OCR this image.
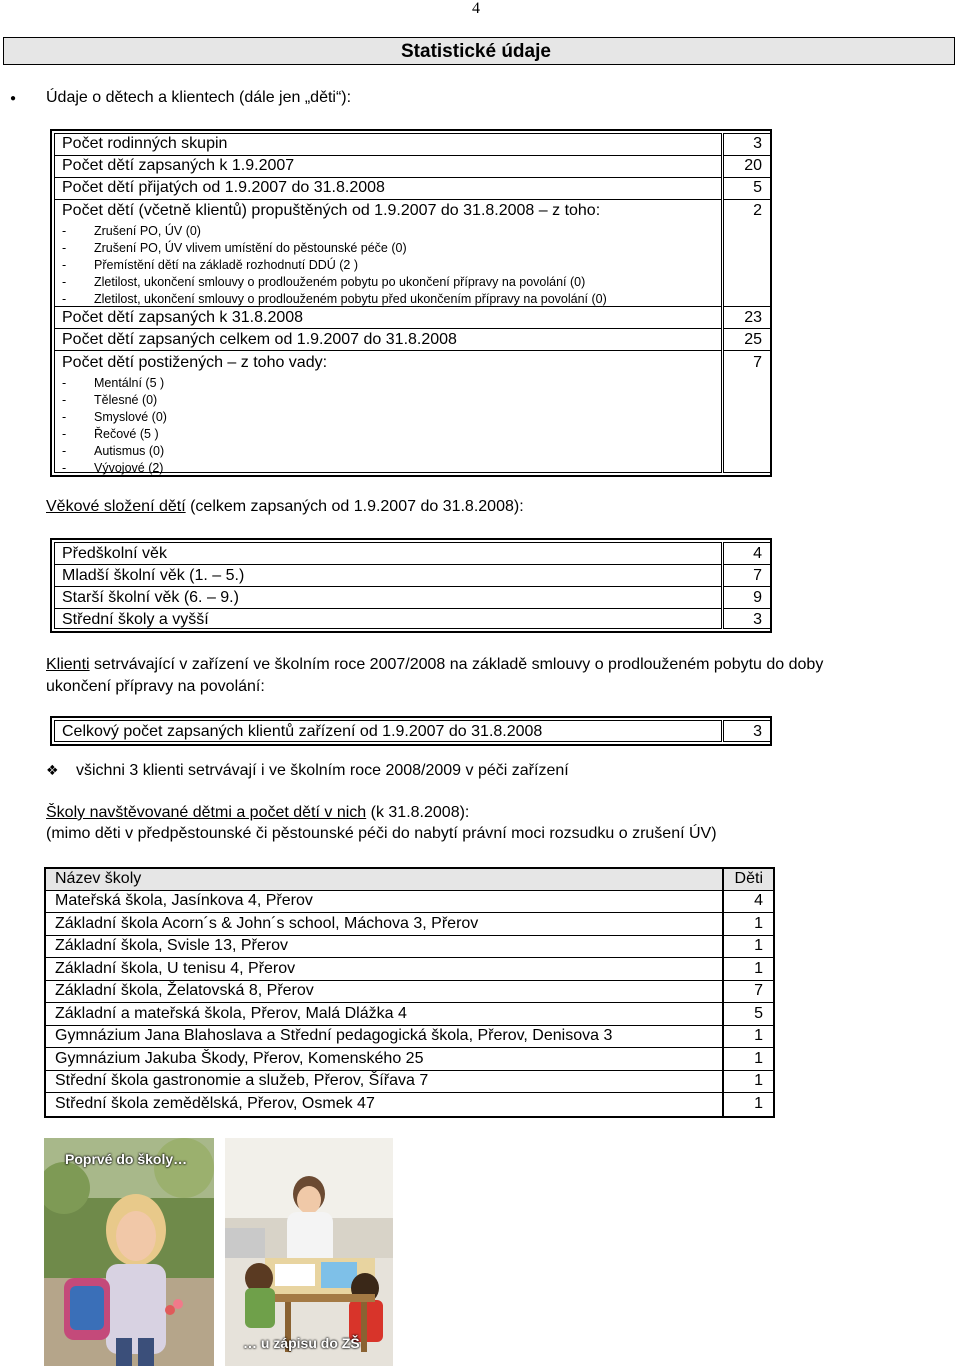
4
Statistické údaje
● Údaje o dětech a klientech (dále jen „děti“):
Počet rodinných skupin	3
Počet dětí zapsaných k 1.9.2007	20
Počet dětí přijatých od 1.9.2007 do 31.8.2008	5
Počet dětí (včetně klientů) propuštěných od 1.9.2007 do 31.8.2008 – z toho:	2
- Zrušení PO, ÚV (0)
- Zrušení PO, ÚV vlivem umístění do pěstounské péče (0)
- Přemístění dětí na základě rozhodnutí DDÚ (2 )
- Zletilost, ukončení smlouvy o prodlouženém pobytu po ukončení přípravy na povolání (0)
- Zletilost, ukončení smlouvy o prodlouženém pobytu před ukončením přípravy na povolání (0)
Počet dětí zapsaných k 31.8.2008	23
Počet dětí zapsaných celkem od 1.9.2007 do 31.8.2008	25
Počet dětí postižených – z toho vady:	7
- Mentální (5 )
- Tělesné (0)
- Smyslové (0)
- Řečové (5 )
- Autismus (0)
- Vývojové (2)
Věkové složení dětí (celkem zapsaných od 1.9.2007 do 31.8.2008):
Předškolní věk	4
Mladší školní věk (1. – 5.)	7
Starší školní věk (6. – 9.)	9
Střední školy a vyšší	3
Klienti setrvávající v zařízení ve školním roce 2007/2008 na základě smlouvy o prodlouženém pobytu do doby
ukončení přípravy na povolání:
Celkový počet zapsaných klientů zařízení od 1.9.2007 do 31.8.2008	3
❖ všichni 3 klienti setrvávají i ve školním roce 2008/2009 v péči zařízení
Školy navštěvované dětmi a počet dětí v nich (k 31.8.2008):
(mimo děti v předpěstounské či pěstounské péči do nabytí právní moci rozsudku o zrušení ÚV)
Název školy	Děti
Mateřská škola, Jasínkova 4, Přerov	4
Základní škola Acorn´s & John´s school, Máchova 3, Přerov	1
Základní škola, Svisle 13, Přerov	1
Základní škola, U tenisu 4, Přerov	1
Základní škola, Želatovská 8, Přerov	7
Základní a mateřská škola, Přerov, Malá Dlážka 4	5
Gymnázium Jana Blahoslava a Střední pedagogická škola, Přerov, Denisova 3	1
Gymnázium Jakuba Škody, Přerov, Komenského 25	1
Střední škola gastronomie a služeb, Přerov, Šířava 7	1
Střední škola zemědělská, Přerov, Osmek 47	1
Poprvé do školy…
… u zápisu do ZŠ
